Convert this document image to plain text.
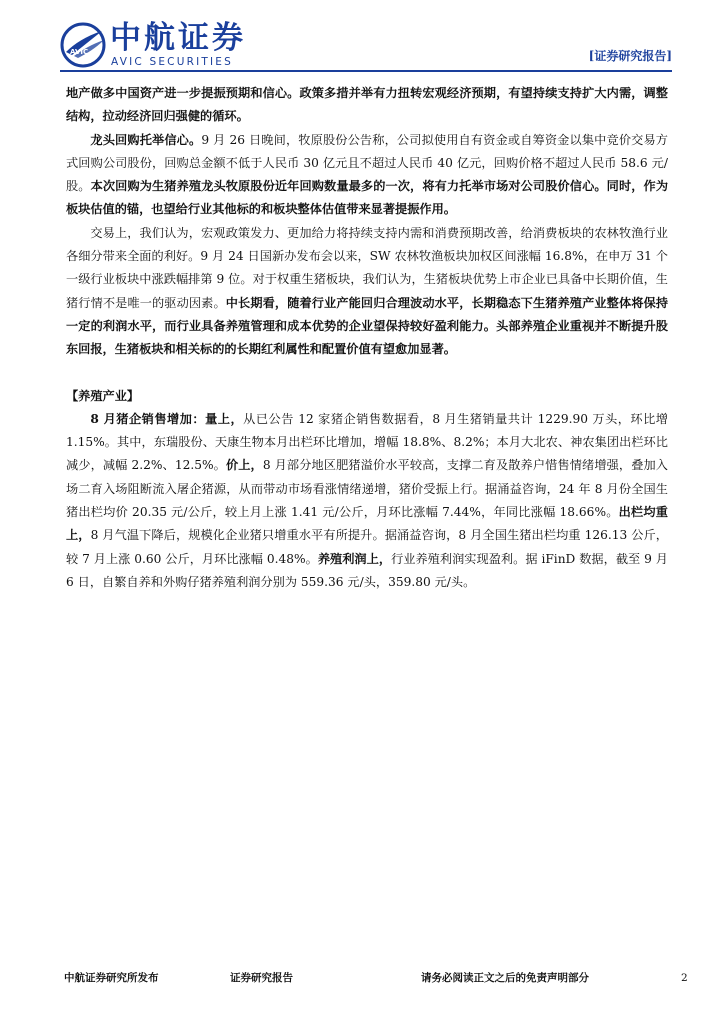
AVIC 中航证券
AVIC SECURITIES	[证券研究报告]

地产做多中国资产进一步提振预期和信心。政策多措并举有力扭转宏观经济预期，有望持续支持扩大内需，调整结构，拉动经济回归强健的循环。

龙头回购托举信心。9 月 26 日晚间，牧原股份公告称，公司拟使用自有资金或自筹资金以集中竞价交易方式回购公司股份，回购总金额不低于人民币 30 亿元且不超过人民币 40 亿元，回购价格不超过人民币 58.6 元/股。本次回购为生猪养殖龙头牧原股份近年回购数量最多的一次，将有力托举市场对公司股价信心。同时，作为板块估值的锚，也望给行业其他标的和板块整体估值带来显著提振作用。

交易上，我们认为，宏观政策发力、更加给力将持续支持内需和消费预期改善，给消费板块的农林牧渔行业各细分带来全面的利好。9 月 24 日国新办发布会以来，SW 农林牧渔板块加权区间涨幅 16.8%，在申万 31 个一级行业板块中涨跌幅排第 9 位。对于权重生猪板块，我们认为，生猪板块优势上市企业已具备中长期价值，生猪行情不是唯一的驱动因素。中长期看，随着行业产能回归合理波动水平，长期稳态下生猪养殖产业整体将保持一定的利润水平，而行业具备养殖管理和成本优势的企业望保持较好盈利能力。头部养殖企业重视并不断提升股东回报，生猪板块和相关标的的长期红利属性和配置价值有望愈加显著。

【养殖产业】

8 月猪企销售增加：量上，从已公告 12 家猪企销售数据看，8 月生猪销量共计 1229.90 万头，环比增 1.15%。其中，东瑞股份、天康生物本月出栏环比增加，增幅 18.8%、8.2%；本月大北农、神农集团出栏环比减少，减幅 2.2%、12.5%。价上，8 月部分地区肥猪溢价水平较高，支撑二育及散养户惜售情绪增强，叠加入场二育入场阻断流入屠企猪源，从而带动市场看涨情绪递增，猪价受振上行。据涌益咨询，24 年 8 月份全国生猪出栏均价 20.35 元/公斤，较上月上涨 1.41 元/公斤，月环比涨幅 7.44%，年同比涨幅 18.66%。出栏均重上，8 月气温下降后，规模化企业猪只增重水平有所提升。据涌益咨询，8 月全国生猪出栏均重 126.13 公斤，较 7 月上涨 0.60 公斤，月环比涨幅 0.48%。养殖利润上，行业养殖利润实现盈利。据 iFinD 数据，截至 9 月 6 日，自繁自养和外购仔猪养殖利润分别为 559.36 元/头，359.80 元/头。

中航证券研究所发布	证券研究报告	请务必阅读正文之后的免责声明部分	2
